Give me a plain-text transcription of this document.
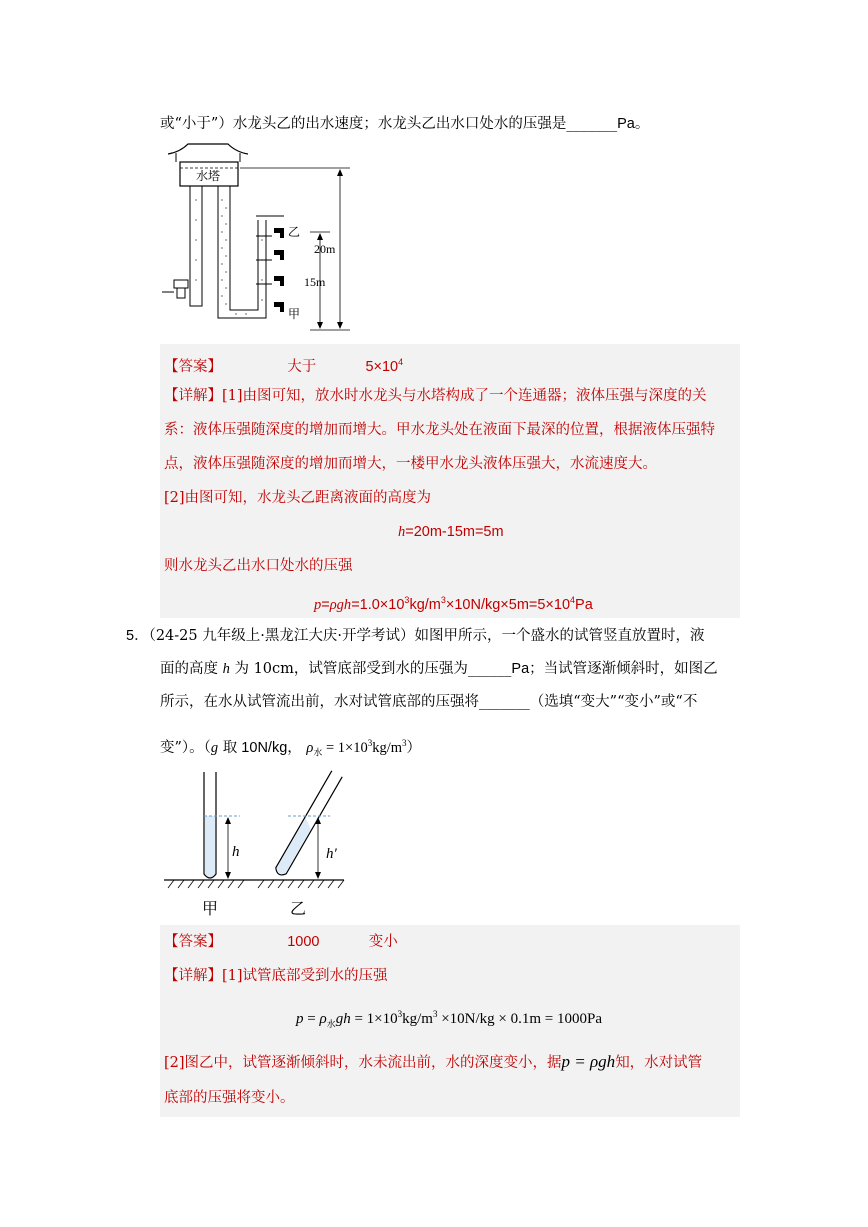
或“小于”）水龙头乙的出水速度；水龙头乙出水口处水的压强是_______Pa。
水塔
乙
甲
20m
15m
【答案】	大于	$5\times 10^4$
【详解】[1]由图可知，放水时水龙头与水塔构成了一个连通器；液体压强与深度的关
系：液体压强随深度的增加而增大。甲水龙头处在液面下最深的位置，根据液体压强特
点，液体压强随深度的增加而增大，一楼甲水龙头液体压强大，水流速度大。
[2]由图可知，水龙头乙距离液面的高度为
h=20m-15m=5m
则水龙头乙出水口处水的压强
$p=\rho gh=1.0\times 10^3kg/m^3\times 10N/kg\times 5m=5\times 10^4Pa$
5．（24-25 九年级上·黑龙江大庆·开学考试）如图甲所示，一个盛水的试管竖直放置时，液
面的高度 h 为 10cm，试管底部受到水的压强为______Pa；当试管逐渐倾斜时，如图乙
所示，在水从试管流出前，水对试管底部的压强将_______（选填“变大”“变小”或“不
变”）。（g 取 10N/kg， $\rho_水 = 1\times 10^3kg/m^3$）
h	h′
甲	乙
【答案】	1000	变小
【详解】[1]试管底部受到水的压强
$p = \rho_水gh = 1\times 10^3kg/m^3 \times 10N/kg \times 0.1m = 1000Pa$
[2]图乙中，试管逐渐倾斜时，水未流出前，水的深度变小，据p = ρgh知，水对试管
底部的压强将变小。
